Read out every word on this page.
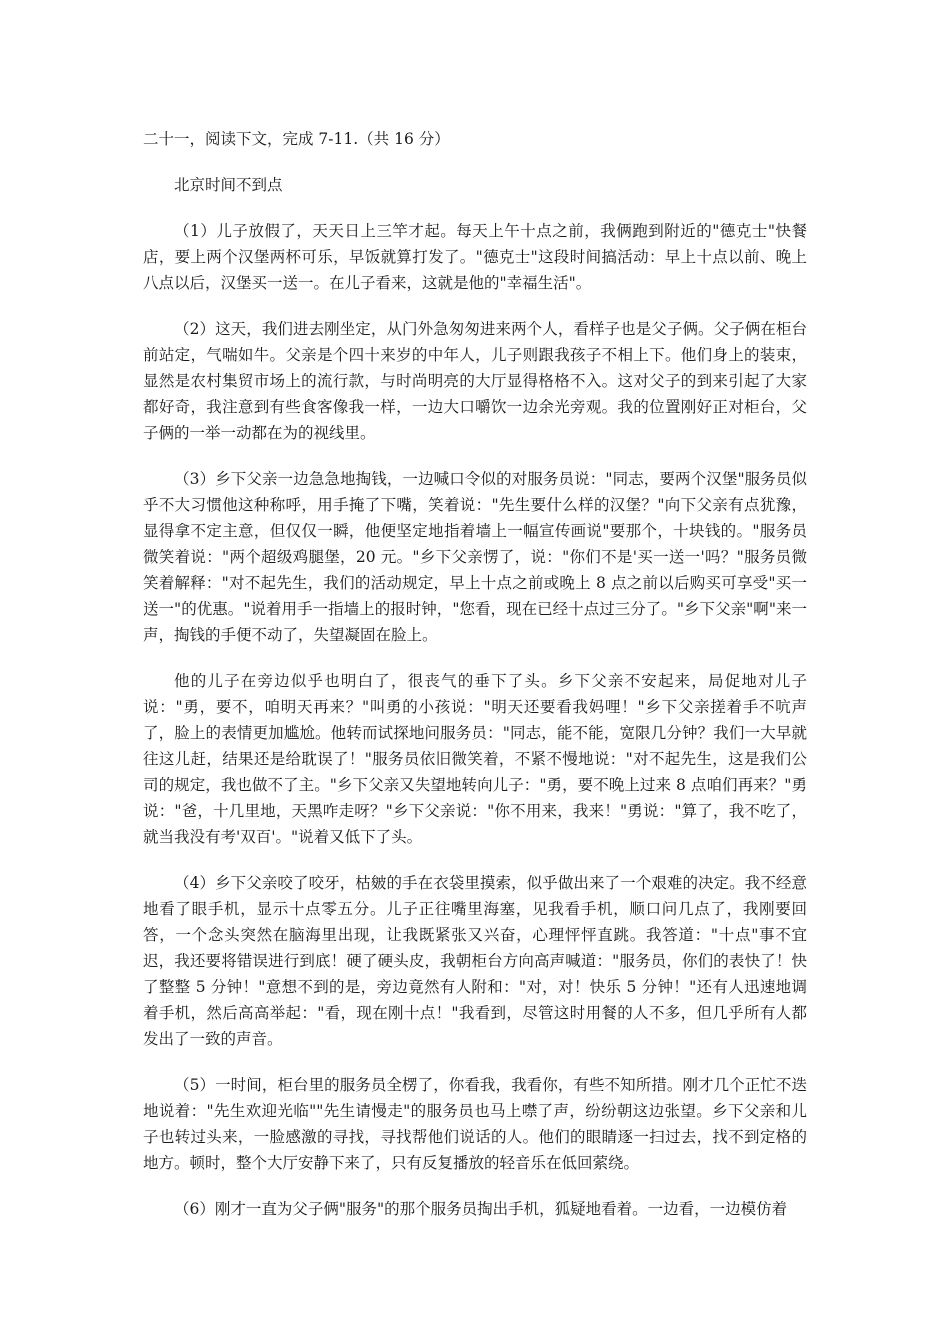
二十一，阅读下文，完成 7-11.（共 16 分）

北京时间不到点

（1）儿子放假了，天天日上三竿才起。每天上午十点之前，我俩跑到附近的"德克士"快餐店，要上两个汉堡两杯可乐，早饭就算打发了。"德克士"这段时间搞活动：早上十点以前、晚上八点以后，汉堡买一送一。在儿子看来，这就是他的"幸福生活"。

（2）这天，我们进去刚坐定，从门外急匆匆进来两个人，看样子也是父子俩。父子俩在柜台前站定，气喘如牛。父亲是个四十来岁的中年人，儿子则跟我孩子不相上下。他们身上的装束，显然是农村集贸市场上的流行款，与时尚明亮的大厅显得格格不入。这对父子的到来引起了大家都好奇，我注意到有些食客像我一样，一边大口嚼饮一边余光旁观。我的位置刚好正对柜台，父子俩的一举一动都在为的视线里。

（3）乡下父亲一边急急地掏钱，一边喊口令似的对服务员说："同志，要两个汉堡"服务员似乎不大习惯他这种称呼，用手掩了下嘴，笑着说："先生要什么样的汉堡？"向下父亲有点犹豫，显得拿不定主意，但仅仅一瞬，他便坚定地指着墙上一幅宣传画说"要那个，十块钱的。"服务员微笑着说："两个超级鸡腿堡，20 元。"乡下父亲愣了，说："你们不是'买一送一'吗？"服务员微笑着解释："对不起先生，我们的活动规定，早上十点之前或晚上 8 点之前以后购买可享受"买一送一"的优惠。"说着用手一指墙上的报时钟，"您看，现在已经十点过三分了。"乡下父亲"啊"来一声，掏钱的手便不动了，失望凝固在脸上。

他的儿子在旁边似乎也明白了，很丧气的垂下了头。乡下父亲不安起来，局促地对儿子说："勇，要不，咱明天再来？"叫勇的小孩说："明天还要看我妈哩！"乡下父亲搓着手不吭声了，脸上的表情更加尴尬。他转而试探地问服务员："同志，能不能，宽限几分钟？我们一大早就往这儿赶，结果还是给耽误了！"服务员依旧微笑着，不紧不慢地说："对不起先生，这是我们公司的规定，我也做不了主。"乡下父亲又失望地转向儿子："勇，要不晚上过来 8 点咱们再来？"勇说："爸，十几里地，天黑咋走呀？"乡下父亲说："你不用来，我来！"勇说："算了，我不吃了，就当我没有考'双百'。"说着又低下了头。

（4）乡下父亲咬了咬牙，枯皴的手在衣袋里摸索，似乎做出来了一个艰难的决定。我不经意地看了眼手机，显示十点零五分。儿子正往嘴里海塞，见我看手机，顺口问几点了，我刚要回答，一个念头突然在脑海里出现，让我既紧张又兴奋，心理怦怦直跳。我答道："十点"事不宜迟，我还要将错误进行到底！硬了硬头皮，我朝柜台方向高声喊道："服务员，你们的表快了！快了整整 5 分钟！"意想不到的是，旁边竟然有人附和："对，对！快乐 5 分钟！"还有人迅速地调着手机，然后高高举起："看，现在刚十点！"我看到，尽管这时用餐的人不多，但几乎所有人都发出了一致的声音。

（5）一时间，柜台里的服务员全楞了，你看我，我看你，有些不知所措。刚才几个正忙不迭地说着："先生欢迎光临""先生请慢走"的服务员也马上噤了声，纷纷朝这边张望。乡下父亲和儿子也转过头来，一脸感激的寻找，寻找帮他们说话的人。他们的眼睛逐一扫过去，找不到定格的地方。顿时，整个大厅安静下来了，只有反复播放的轻音乐在低回萦绕。

（6）刚才一直为父子俩"服务"的那个服务员掏出手机，狐疑地看着。一边看，一边模仿着
